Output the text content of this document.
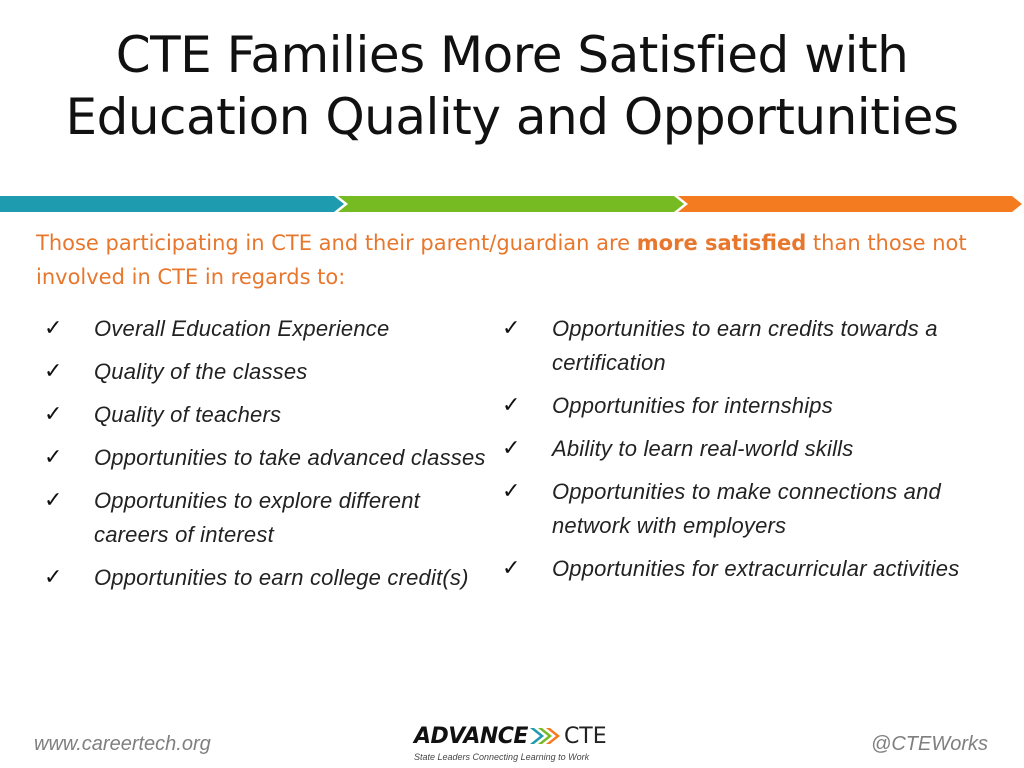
CTE Families More Satisfied with
Education Quality and Opportunities
Those participating in CTE and their parent/guardian are more satisfied than those not involved in CTE in regards to:
✓	Overall Education Experience
✓	Quality of the classes
✓	Quality of teachers
✓	Opportunities to take advanced classes
✓	Opportunities to explore different careers of interest
✓	Opportunities to earn college credit(s)
✓	Opportunities to earn credits towards a certification
✓	Opportunities for internships
✓	Ability to learn real-world skills
✓	Opportunities to make connections and network with employers
✓	Opportunities for extracurricular activities
www.careertech.org	ADVANCE CTE
State Leaders Connecting Learning to Work
@CTEWorks
